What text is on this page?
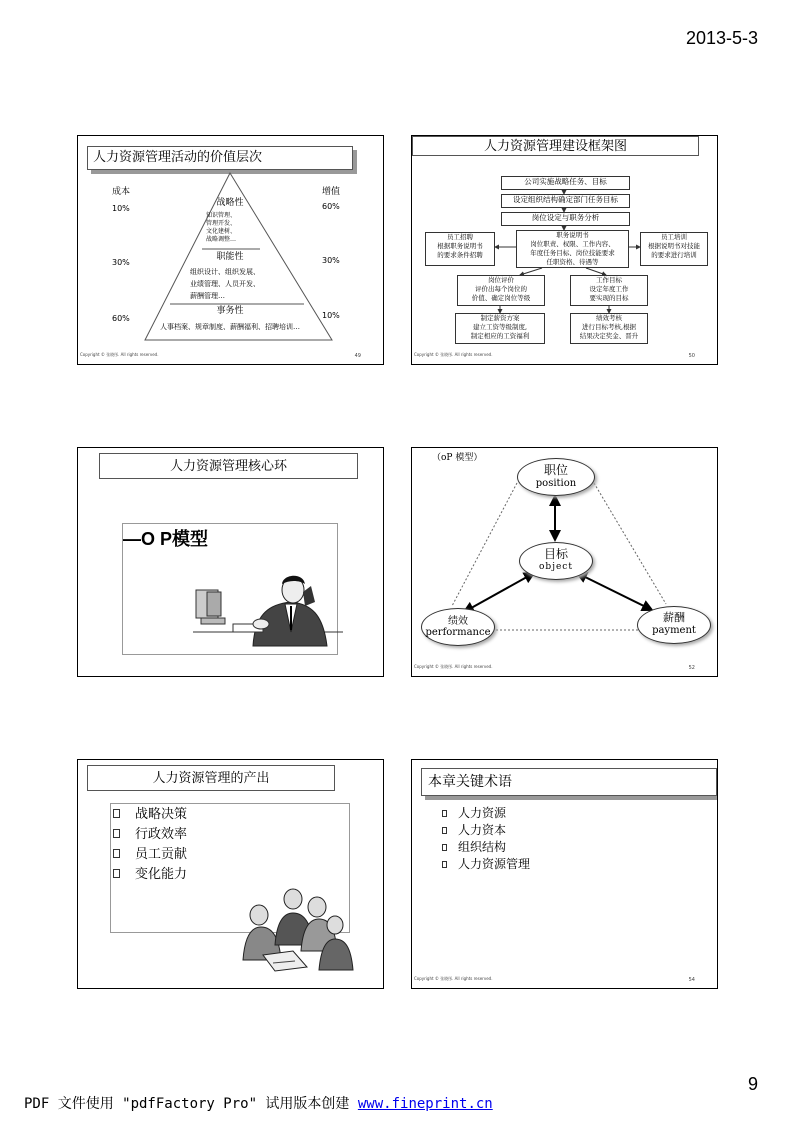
2013-5-3
人力资源管理活动的价值层次
成本	增值
10%
30%
60%
60%
30%
10%
战略性
知识管理、
管理开发、
文化建树、
战略调整…
职能性
组织设计、组织发展、
业绩管理、人员开发、
薪酬管理…
事务性
人事档案、规章制度、薪酬福利、招聘培训…
Copyright © 张晓彤. All rights reserved.	49
人力资源管理建设框架图
公司实施战略任务、目标
设定组织结构确定部门任务目标
岗位设定与职务分析
职务说明书
岗位职责、权限、工作内容、
年度任务目标、岗位技能要求
任职资格、待遇等
员工招聘
根据职务说明书
的要求条件招聘
员工培训
根据说明书对技能
的要求进行培训
岗位评价
评价出每个岗位的
价值、确定岗位等级
工作目标
设定年度工作
要实现的目标
制定薪资方案
建立工资等级制度,
制定相应的工资福利
绩效考核
进行目标考核,根据
结果决定奖金、晋升
Copyright © 张晓彤. All rights reserved.	50
人力资源管理核心环
—O P模型
（oP 模型）
职位
position
目标
object
绩效
performance
薪酬
payment
Copyright © 张晓彤. All rights reserved.	52
人力资源管理的产出
战略决策
行政效率
员工贡献
变化能力
本章关键术语
人力资源
人力资本
组织结构
人力资源管理
Copyright © 张晓彤. All rights reserved.	54
9
PDF 文件使用 "pdfFactory Pro" 试用版本创建 www.fineprint.cn
